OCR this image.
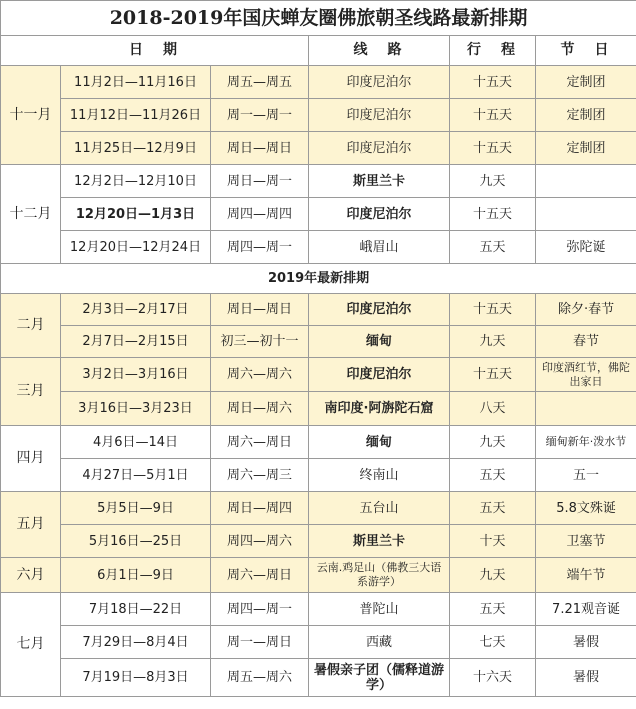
2018-2019年国庆蝉友圈佛旅朝圣线路最新排期					
日　期			线　路	行　程	节　日
十一月	11月2日—11月16日	周五—周五	印度尼泊尔	十五天	定制团
	11月12日—11月26日	周一—周一	印度尼泊尔	十五天	定制团
	11月25日—12月9日	周日—周日	印度尼泊尔	十五天	定制团
十二月	12月2日—12月10日	周日—周一	斯里兰卡	九天	
	12月20日—1月3日	周四—周四	印度尼泊尔	十五天	
	12月20日—12月24日	周四—周一	峨眉山	五天	弥陀诞
2019年最新排期					
二月	2月3日—2月17日	周日—周日	印度尼泊尔	十五天	除夕·春节
	2月7日—2月15日	初三—初十一	缅甸	九天	春节
三月	3月2日—3月16日	周六—周六	印度尼泊尔	十五天	印度酒红节，佛陀出家日
	3月16日—3月23日	周日—周六	南印度·阿旃陀石窟	八天	
四月	4月6日—14日	周六—周日	缅甸	九天	缅甸新年·泼水节
	4月27日—5月1日	周六—周三	终南山	五天	五一
五月	5月5日—9日	周日—周四	五台山	五天	5.8文殊诞
	5月16日—25日	周四—周六	斯里兰卡	十天	卫塞节
六月	6月1日—9日	周六—周日	云南.鸡足山（佛教三大语系游学）	九天	端午节
七月	7月18日—22日	周四—周一	普陀山	五天	7.21观音诞
	7月29日—8月4日	周一—周日	西藏	七天	暑假
	7月19日—8月3日	周五—周六	暑假亲子团（儒释道游学）	十六天	暑假
